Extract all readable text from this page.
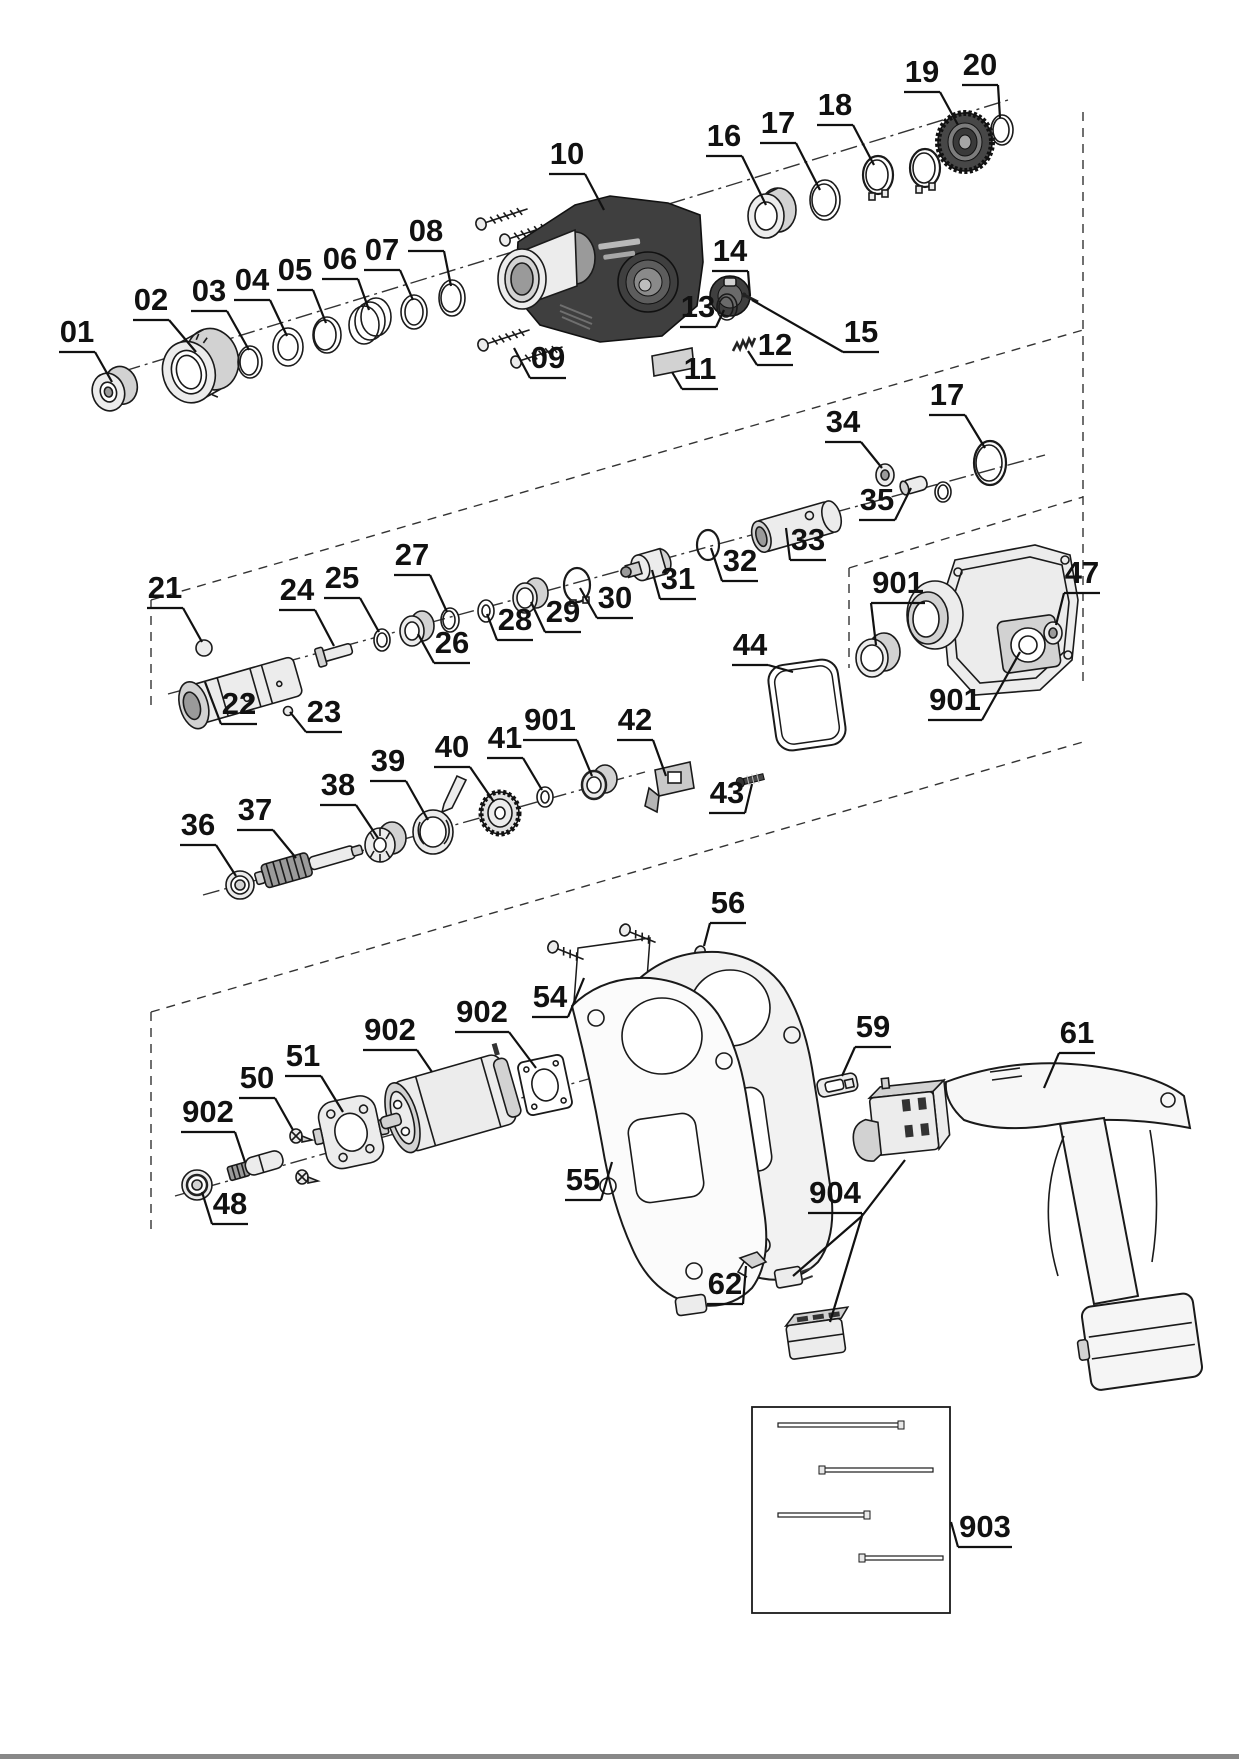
01
02 03 04 05 06 07
08
09
10
11
12
13
14
15
16 17
18
19 20
21
22 23
24 25
26
27
28 29 30
31
32
33
34
35
17
901
901
44
47
36 37
38
39 40 41
901 42
43
48
902
50
51
902
902 54
55
56
59	61
62
904
903
